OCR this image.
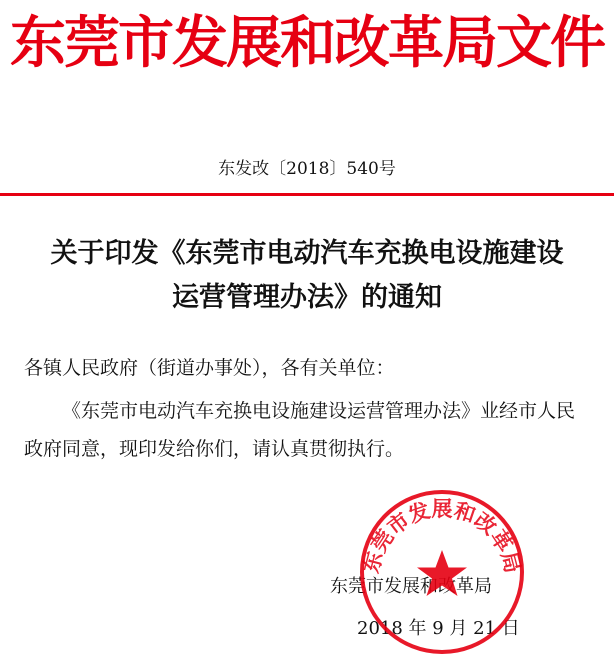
东莞市发展和改革局文件
东发改〔2018〕540号
关于印发《东莞市电动汽车充换电设施建设
运营管理办法》的通知
各镇人民政府（街道办事处），各有关单位：
《东莞市电动汽车充换电设施建设运营管理办法》业经市人民政府同意，现印发给你们，请认真贯彻执行。
东莞市发展和改革局
2018 年 9 月 21 日
东莞市发展和改革局
